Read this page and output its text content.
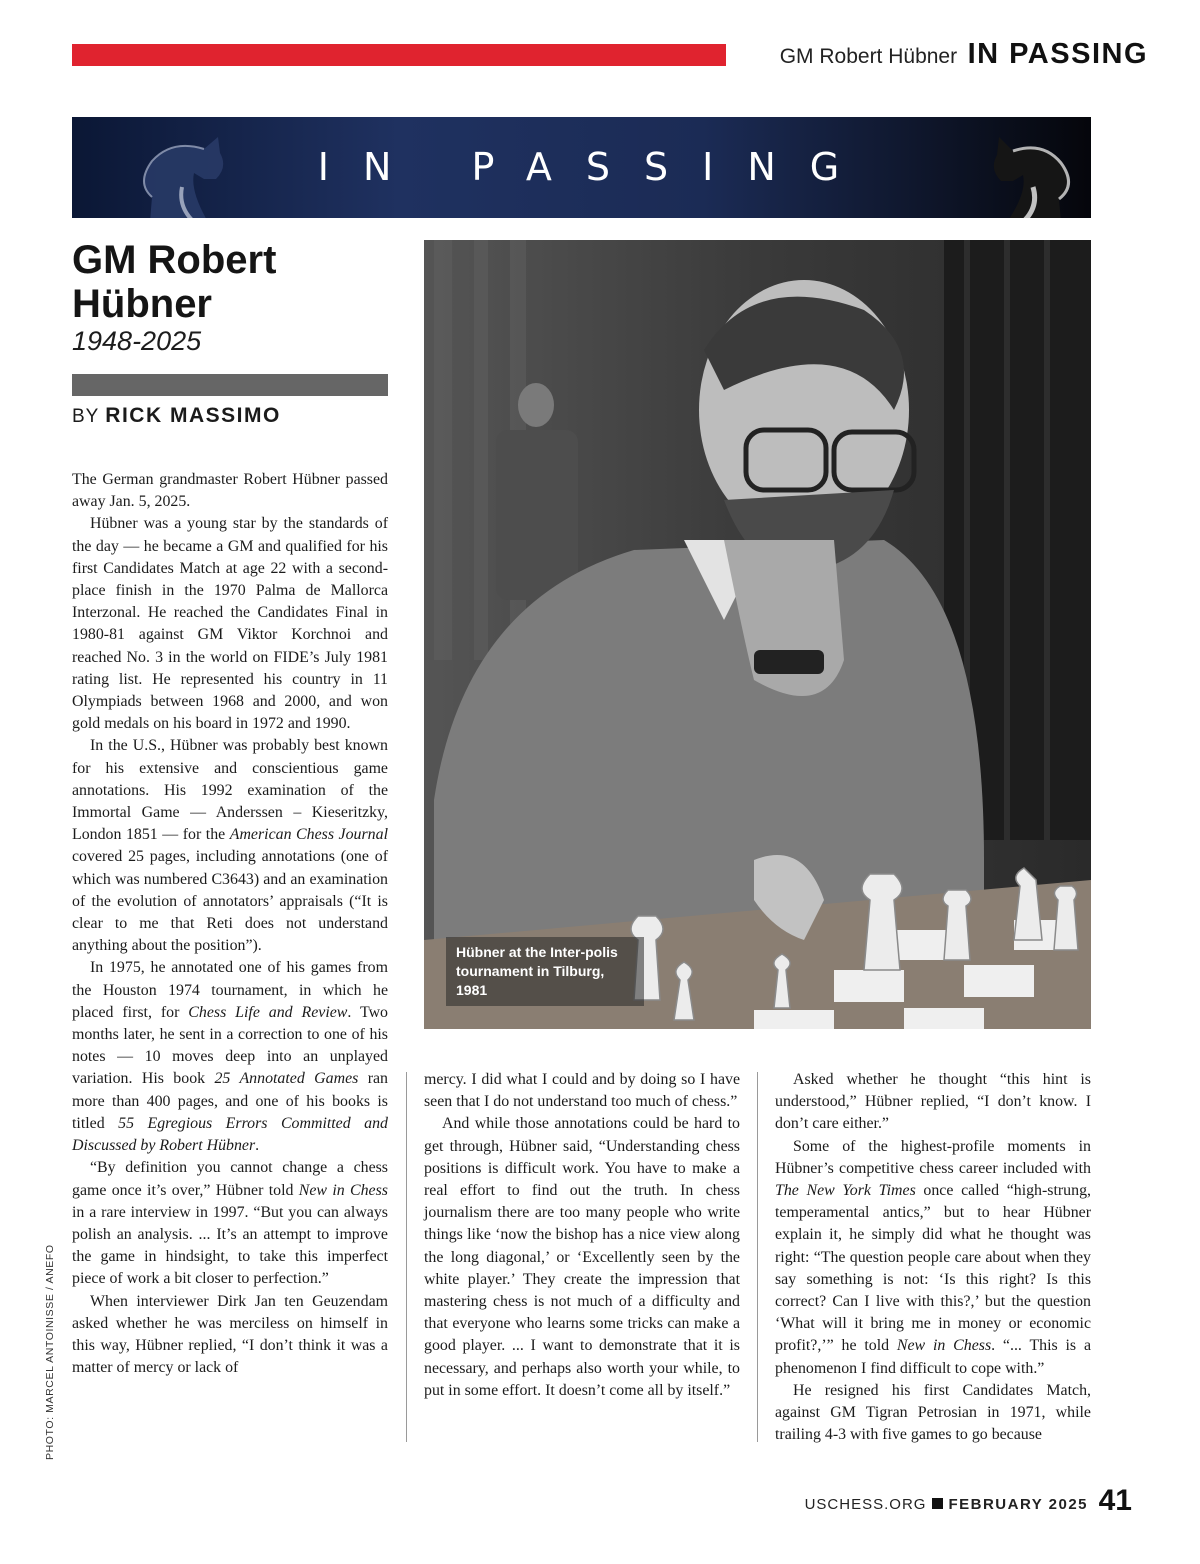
GM Robert Hübner IN PASSING
IN PASSING
GM Robert Hübner
1948-2025
BY RICK MASSIMO

The German grandmaster Robert Hübner passed away Jan. 5, 2025.

Hübner was a young star by the standards of the day — he became a GM and qualified for his first Candidates Match at age 22 with a second-place finish in the 1970 Palma de Mallorca Interzonal. He reached the Candidates Final in 1980-81 against GM Viktor Korchnoi and reached No. 3 in the world on FIDE’s July 1981 rating list. He represented his country in 11 Olympiads between 1968 and 2000, and won gold medals on his board in 1972 and 1990.

In the U.S., Hübner was probably best known for his extensive and conscientious game annotations. His 1992 examination of the Immortal Game — Anderssen – Kieseritzky, London 1851 — for the American Chess Journal covered 25 pages, including annotations (one of which was numbered C3643) and an examination of the evolution of annotators’ appraisals (“It is clear to me that Reti does not understand anything about the position”).

In 1975, he annotated one of his games from the Houston 1974 tournament, in which he placed first, for Chess Life and Review. Two months later, he sent in a correction to one of his notes — 10 moves deep into an unplayed variation. His book 25 Annotated Games ran more than 400 pages, and one of his books is titled 55 Egregious Errors Committed and Discussed by Robert Hübner.

“By definition you cannot change a chess game once it’s over,” Hübner told New in Chess in a rare interview in 1997. “But you can always polish an analysis. ... It’s an attempt to improve the game in hindsight, to take this imperfect piece of work a bit closer to perfection.”

When interviewer Dirk Jan ten Geuzendam asked whether he was merciless on himself in this way, Hübner replied, “I don’t think it was a matter of mercy or lack of

Hübner at the Inter-polis tournament in Tilburg, 1981
PHOTO: MARCEL ANTOINISSE / ANEFO

mercy. I did what I could and by doing so I have seen that I do not understand too much of chess.”

And while those annotations could be hard to get through, Hübner said, “Understanding chess positions is difficult work. You have to make a real effort to find out the truth. In chess journalism there are too many people who write things like ‘now the bishop has a nice view along the long diagonal,’ or ‘Excellently seen by the white player.’ They create the impression that mastering chess is not much of a difficulty and that everyone who learns some tricks can make a good player. ... I want to demonstrate that it is necessary, and perhaps also worth your while, to put in some effort. It doesn’t come all by itself.”

Asked whether he thought “this hint is understood,” Hübner replied, “I don’t know. I don’t care either.”

Some of the highest-profile moments in Hübner’s competitive chess career included with The New York Times once called “high-strung, temperamental antics,” but to hear Hübner explain it, he simply did what he thought was right: “The question people care about when they say something is not: ‘Is this right? Is this correct? Can I live with this?,’ but the question ‘What will it bring me in money or economic profit?,’” he told New in Chess. “... This is a phenomenon I find difficult to cope with.”

He resigned his first Candidates Match, against GM Tigran Petrosian in 1971, while trailing 4-3 with five games to go because

USCHESS.ORG FEBRUARY 2025 41
